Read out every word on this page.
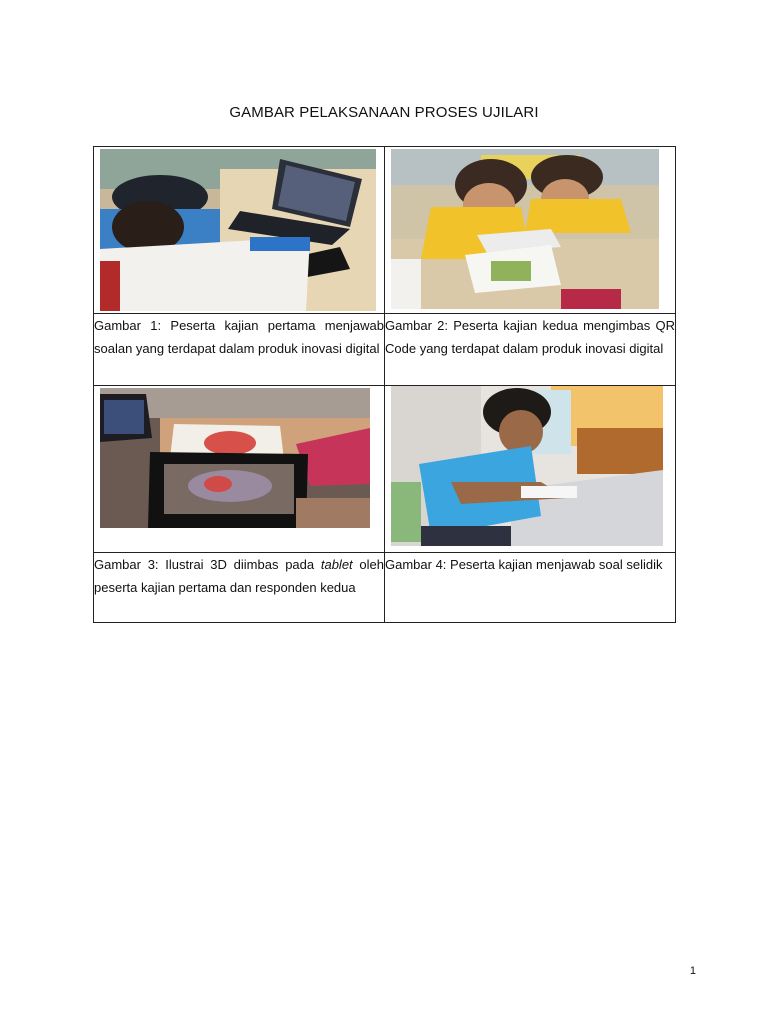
GAMBAR PELAKSANAAN PROSES UJILARI

Gambar 1: Peserta kajian pertama menjawab soalan yang terdapat dalam produk inovasi digital	Gambar 2: Peserta kajian kedua mengimbas QR Code yang terdapat dalam produk inovasi digital

Gambar 3: Ilustrai 3D diimbas pada tablet oleh peserta kajian pertama dan responden kedua	Gambar 4: Peserta kajian menjawab soal selidik
1
